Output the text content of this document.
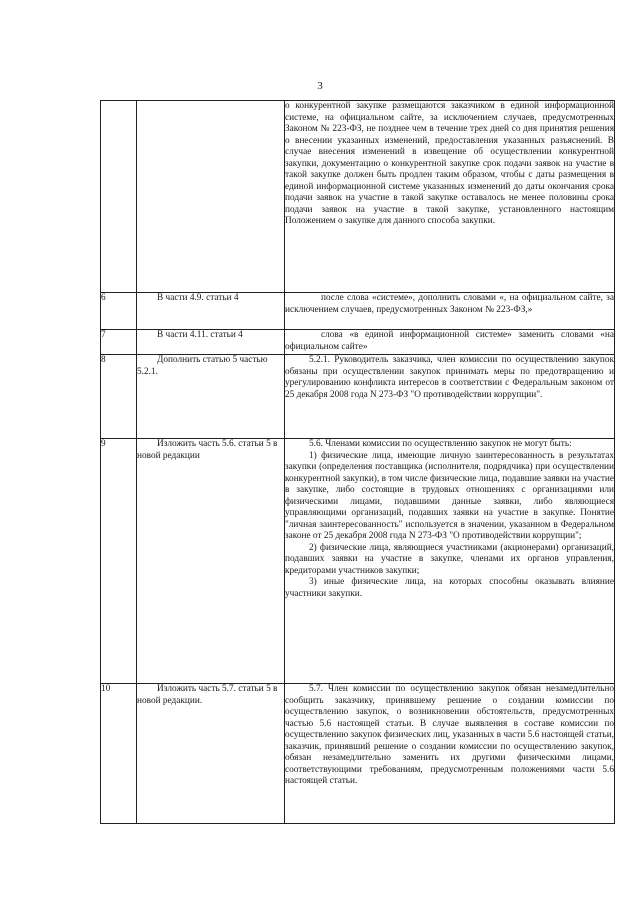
3

		о конкурентной закупке размещаются заказчиком в единой информационной системе, на официальном сайте, за исключением случаев, предусмотренных Законом № 223-ФЗ, не позднее чем в течение трех дней со дня принятия решения о внесении указанных изменений, предоставления указанных разъяснений. В случае внесения изменений в извещение об осуществлении конкурентной закупки, документацию о конкурентной закупке срок подачи заявок на участие в такой закупке должен быть продлен таким образом, чтобы с даты размещения в единой информационной системе указанных изменений до даты окончания срока подачи заявок на участие в такой закупке оставалось не менее половины срока подачи заявок на участие в такой закупке, установленного настоящим Положением о закупке для данного способа закупки.

6	В части 4.9. статьи 4	после слова «системе», дополнить словами «, на официальном сайте, за исключением случаев, предусмотренных Законом № 223-ФЗ,»

7	В части 4.11. статьи 4	слова «в единой информационной системе» заменить словами «на официальном сайте»

8	Дополнить статью 5 частью 5.2.1.	5.2.1. Руководитель заказчика, член комиссии по осуществлению закупок обязаны при осуществлении закупок принимать меры по предотвращению и урегулированию конфликта интересов в соответствии с Федеральным законом от 25 декабря 2008 года N 273-ФЗ "О противодействии коррупции".

9	Изложить часть 5.6. статьи 5 в новой редакции	5.6. Членами комиссии по осуществлению закупок не могут быть:

1) физические лица, имеющие личную заинтересованность в результатах закупки (определения поставщика (исполнителя, подрядчика) при осуществлении конкурентной закупки), в том числе физические лица, подавшие заявки на участие в закупке, либо состоящие в трудовых отношениях с организациями или физическими лицами, подавшими данные заявки, либо являющиеся управляющими организаций, подавших заявки на участие в закупке. Понятие "личная заинтересованность" используется в значении, указанном в Федеральном законе от 25 декабря 2008 года N 273-ФЗ "О противодействии коррупции";

2) физические лица, являющиеся участниками (акционерами) организаций, подавших заявки на участие в закупке, членами их органов управления, кредиторами участников закупки;

3) иные физические лица, на которых способны оказывать влияние участники закупки.

10	Изложить часть 5.7. статьи 5 в новой редакции.	5.7. Член комиссии по осуществлению закупок обязан незамедлительно сообщить заказчику, принявшему решение о создании комиссии по осуществлению закупок, о возникновении обстоятельств, предусмотренных частью 5.6 настоящей статьи. В случае выявления в составе комиссии по осуществлению закупок физических лиц, указанных в части 5.6 настоящей статьи, заказчик, принявший решение о создании комиссии по осуществлению закупок, обязан незамедлительно заменить их другими физическими лицами, соответствующими требованиям, предусмотренным положениями части 5.6 настоящей статьи.
